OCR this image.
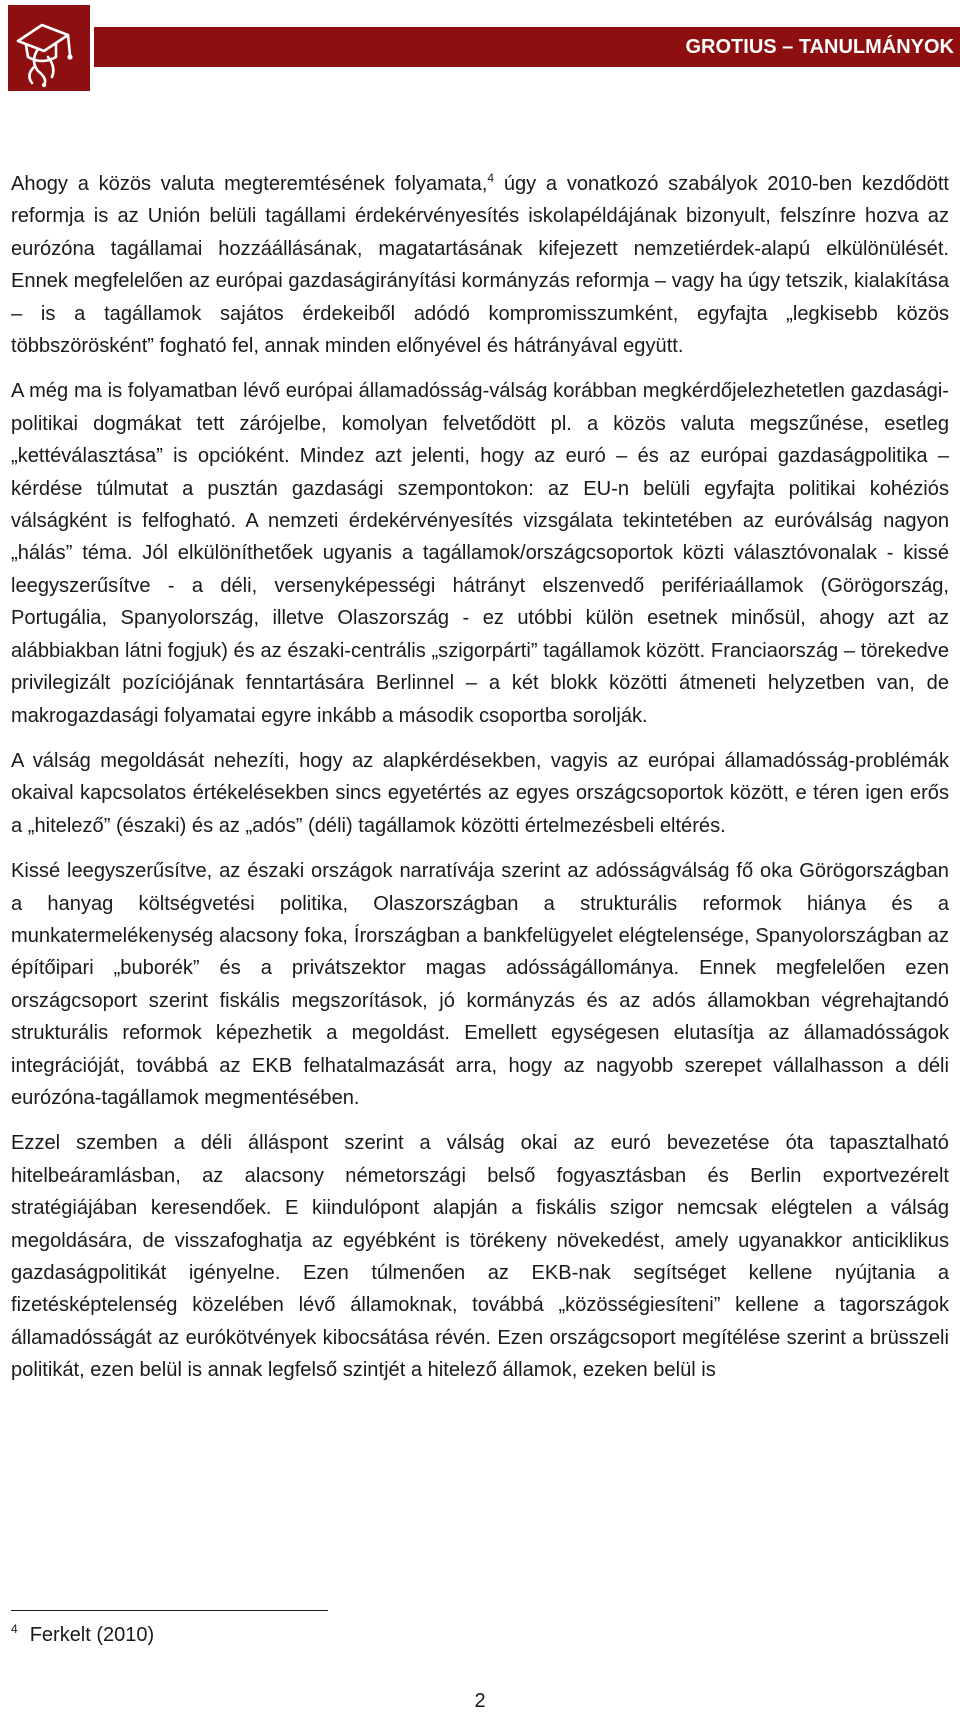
GROTIUS – TANULMÁNYOK

Ahogy a közös valuta megteremtésének folyamata,$^4$ úgy a vonatkozó szabályok 2010-ben kezdődött reformja is az Unión belüli tagállami érdekérvényesítés iskolapéldájának bizonyult, felszínre hozva az eurózóna tagállamai hozzáállásának, magatartásának kifejezett nemzetiérdek-alapú elkülönülését. Ennek megfelelően az európai gazdaságirányítási kormányzás reformja – vagy ha úgy tetszik, kialakítása – is a tagállamok sajátos érdekeiből adódó kompromisszumként, egyfajta „legkisebb közös többszörösként” fogható fel, annak minden előnyével és hátrányával együtt.

A még ma is folyamatban lévő európai államadósság-válság korábban megkérdőjelezhetetlen gazdasági-politikai dogmákat tett zárójelbe, komolyan felvetődött pl. a közös valuta megszűnése, esetleg „kettéválasztása” is opcióként. Mindez azt jelenti, hogy az euró – és az európai gazdaságpolitika – kérdése túlmutat a pusztán gazdasági szempontokon: az EU-n belüli egyfajta politikai kohéziós válságként is felfogható. A nemzeti érdekérvényesítés vizsgálata tekintetében az euróválság nagyon „hálás” téma. Jól elkülöníthetőek ugyanis a tagállamok/országcsoportok közti választóvonalak - kissé leegyszerűsítve - a déli, versenyképességi hátrányt elszenvedő perifériaállamok (Görögország, Portugália, Spanyolország, illetve Olaszország - ez utóbbi külön esetnek minősül, ahogy azt az alábbiakban látni fogjuk) és az északi-centrális „szigorpárti” tagállamok között. Franciaország – törekedve privilegizált pozíciójának fenntartására Berlinnel – a két blokk közötti átmeneti helyzetben van, de makrogazdasági folyamatai egyre inkább a második csoportba sorolják.

A válság megoldását nehezíti, hogy az alapkérdésekben, vagyis az európai államadósság-problémák okaival kapcsolatos értékelésekben sincs egyetértés az egyes országcsoportok között, e téren igen erős a „hitelező” (északi) és az „adós” (déli) tagállamok közötti értelmezésbeli eltérés.

Kissé leegyszerűsítve, az északi országok narratívája szerint az adósságválság fő oka Görögországban a hanyag költségvetési politika, Olaszországban a strukturális reformok hiánya és a munkatermelékenység alacsony foka, Írországban a bankfelügyelet elégtelensége, Spanyolországban az építőipari „buborék” és a privátszektor magas adósságállománya. Ennek megfelelően ezen országcsoport szerint fiskális megszorítások, jó kormányzás és az adós államokban végrehajtandó strukturális reformok képezhetik a megoldást. Emellett egységesen elutasítja az államadósságok integrációját, továbbá az EKB felhatalmazását arra, hogy az nagyobb szerepet vállalhasson a déli eurózóna-tagállamok megmentésében.

Ezzel szemben a déli álláspont szerint a válság okai az euró bevezetése óta tapasztalható hitelbeáramlásban, az alacsony németországi belső fogyasztásban és Berlin exportvezérelt stratégiájában keresendőek. E kiindulópont alapján a fiskális szigor nemcsak elégtelen a válság megoldására, de visszafoghatja az egyébként is törékeny növekedést, amely ugyanakkor anticiklikus gazdaságpolitikát igényelne. Ezen túlmenően az EKB-nak segítséget kellene nyújtania a fizetésképtelenség közelében lévő államoknak, továbbá „közösségiesíteni” kellene a tagországok államadósságát az eurókötvények kibocsátása révén. Ezen országcsoport megítélése szerint a brüsszeli politikát, ezen belül is annak legfelső szintjét a hitelező államok, ezeken belül is

$^4$ Ferkelt (2010)
2
